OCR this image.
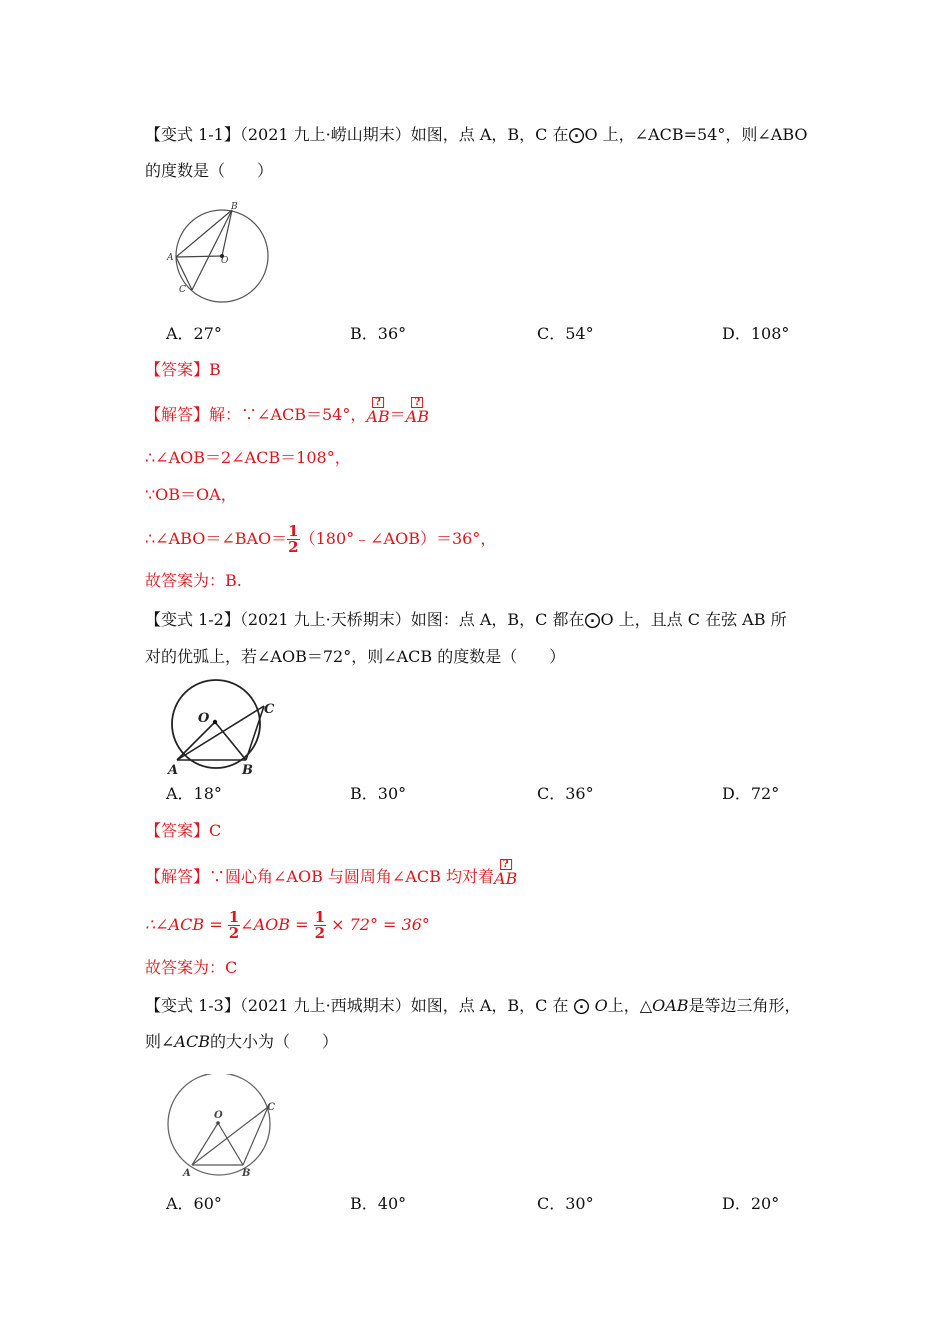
【变式 1-1】（2021 九上·崂山期末）如图，点 A，B，C 在⨀O 上，∠ACB=54°，则∠ABO
的度数是（　　）
B
A	O
C
A．27°	B．36°	C．54°	D．108°
【答案】B
【解答】解：∵∠ACB＝54°，
?
AB＝
?
AB
∴∠AOB＝2∠ACB＝108°，
∵OB＝OA，
∴∠ABO＝∠BAO＝ $\frac{1}{2}$ （180°﹣∠AOB）＝36°，
故答案为：B.
【变式 1-2】（2021 九上·天桥期末）如图：点 A，B，C 都在⨀O 上，且点 C 在弦 AB 所
对的优弧上，若∠AOB＝72°，则∠ACB 的度数是（　　）
O
C
A	B
A．18°	B．30°	C．36°	D．72°
【答案】C
【解答】∵圆心角∠AOB 与圆周角∠ACB 均对着
?
AB
∴∠ACB = $\frac{1}{2}$ ∠AOB = $\frac{1}{2} \times 72^\circ = 36^\circ$
故答案为：C
【变式 1-3】（2021 九上·西城期末）如图，点 A，B，C 在 ⨀ O上，△OAB是等边三角形，
则∠ACB的大小为（　　）
O
C
A	B
A．60°	B．40°	C．30°	D．20°
